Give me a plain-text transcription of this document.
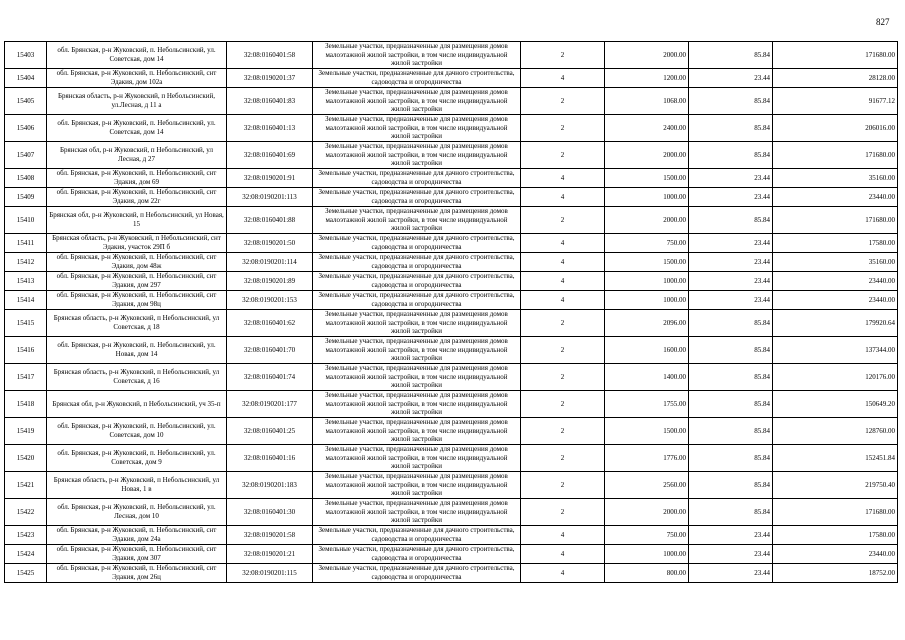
827
15403	обл. Брянская, р-н Жуковский, п. Небольсинский, ул. Советская, дом 14	32:08:0160401:58	Земельные участки, предназначенные для размещения домов малоэтажной жилой застройки, в том числе индивидуальной жилой застройки	2	2000.00	85.84	171680.00
15404	обл. Брянская, р-н Жуковский, п. Небольсинский, снт Эдакия, дом 102а	32:08:0190201:37	Земельные участки, предназначенные для дачного строительства, садоводства и огородничества	4	1200.00	23.44	28128.00
15405	Брянская область, р-н Жуковский, п Небольсинский, ул.Лесная, д 11 а	32:08:0160401:83	Земельные участки, предназначенные для размещения домов малоэтажной жилой застройки, в том числе индивидуальной жилой застройки	2	1068.00	85.84	91677.12
15406	обл. Брянская, р-н Жуковский, п. Небольсинский, ул. Советская, дом 14	32:08:0160401:13	Земельные участки, предназначенные для размещения домов малоэтажной жилой застройки, в том числе индивидуальной жилой застройки	2	2400.00	85.84	206016.00
15407	Брянская обл, р-н Жуковский, п Небольсинский, ул Лесная, д 27	32:08:0160401:69	Земельные участки, предназначенные для размещения домов малоэтажной жилой застройки, в том числе индивидуальной жилой застройки	2	2000.00	85.84	171680.00
15408	обл. Брянская, р-н Жуковский, п. Небольсинский, снт Эдакия, дом 69	32:08:0190201:91	Земельные участки, предназначенные для дачного строительства, садоводства и огородничества	4	1500.00	23.44	35160.00
15409	обл. Брянская, р-н Жуковский, п. Небольсинский, снт Эдакия, дом 22г	32:08:0190201:113	Земельные участки, предназначенные для дачного строительства, садоводства и огородничества	4	1000.00	23.44	23440.00
15410	Брянская обл, р-н Жуковский, п Небольсинский, ул Новая, 15	32:08:0160401:88	Земельные участки, предназначенные для размещения домов малоэтажной жилой застройки, в том числе индивидуальной жилой застройки	2	2000.00	85.84	171680.00
15411	Брянская область, р-н Жуковский, п Небольсинский, снт Эдакия, участок 29П б	32:08:0190201:50	Земельные участки, предназначенные для дачного строительства, садоводства и огородничества	4	750.00	23.44	17580.00
15412	обл. Брянская, р-н Жуковский, п. Небольсинский, снт Эдакия, дом 48ж	32:08:0190201:114	Земельные участки, предназначенные для дачного строительства, садоводства и огородничества	4	1500.00	23.44	35160.00
15413	обл. Брянская, р-н Жуковский, п. Небольсинский, снт Эдакия, дом 297	32:08:0190201:89	Земельные участки, предназначенные для дачного строительства, садоводства и огородничества	4	1000.00	23.44	23440.00
15414	обл. Брянская, р-н Жуковский, п. Небольсинский, снт Эдакия, дом 98ц	32:08:0190201:153	Земельные участки, предназначенные для дачного строительства, садоводства и огородничества	4	1000.00	23.44	23440.00
15415	Брянская область, р-н Жуковский, п Небольсинский, ул Советская, д 18	32:08:0160401:62	Земельные участки, предназначенные для размещения домов малоэтажной жилой застройки, в том числе индивидуальной жилой застройки	2	2096.00	85.84	179920.64
15416	обл. Брянская, р-н Жуковский, п. Небольсинский, ул. Новая, дом 14	32:08:0160401:70	Земельные участки, предназначенные для размещения домов малоэтажной жилой застройки, в том числе индивидуальной жилой застройки	2	1600.00	85.84	137344.00
15417	Брянская область, р-н Жуковский, п Небольсинский, ул Советская, д 16	32:08:0160401:74	Земельные участки, предназначенные для размещения домов малоэтажной жилой застройки, в том числе индивидуальной жилой застройки	2	1400.00	85.84	120176.00
15418	Брянская обл, р-н Жуковский, п Небольсинский, уч 35-п	32:08:0190201:177	Земельные участки, предназначенные для размещения домов малоэтажной жилой застройки, в том числе индивидуальной жилой застройки	2	1755.00	85.84	150649.20
15419	обл. Брянская, р-н Жуковский, п. Небольсинский, ул. Советская, дом 10	32:08:0160401:25	Земельные участки, предназначенные для размещения домов малоэтажной жилой застройки, в том числе индивидуальной жилой застройки	2	1500.00	85.84	128760.00
15420	обл. Брянская, р-н Жуковский, п. Небольсинский, ул. Советская, дом 9	32:08:0160401:16	Земельные участки, предназначенные для размещения домов малоэтажной жилой застройки, в том числе индивидуальной жилой застройки	2	1776.00	85.84	152451.84
15421	Брянская область, р-н Жуковский, п Небольсинский, ул Новая, 1 в	32:08:0190201:183	Земельные участки, предназначенные для размещения домов малоэтажной жилой застройки, в том числе индивидуальной жилой застройки	2	2560.00	85.84	219750.40
15422	обл. Брянская, р-н Жуковский, п. Небольсинский, ул. Лесная, дом 10	32:08:0160401:30	Земельные участки, предназначенные для размещения домов малоэтажной жилой застройки, в том числе индивидуальной жилой застройки	2	2000.00	85.84	171680.00
15423	обл. Брянская, р-н Жуковский, п. Небольсинский, снт Эдакия, дом 24а	32:08:0190201:58	Земельные участки, предназначенные для дачного строительства, садоводства и огородничества	4	750.00	23.44	17580.00
15424	обл. Брянская, р-н Жуковский, п. Небольсинский, снт Эдакия, дом 307	32:08:0190201:21	Земельные участки, предназначенные для дачного строительства, садоводства и огородничества	4	1000.00	23.44	23440.00
15425	обл. Брянская, р-н Жуковский, п. Небольсинский, снт Эдакия, дом 26ц	32:08:0190201:115	Земельные участки, предназначенные для дачного строительства, садоводства и огородничества	4	800.00	23.44	18752.00
